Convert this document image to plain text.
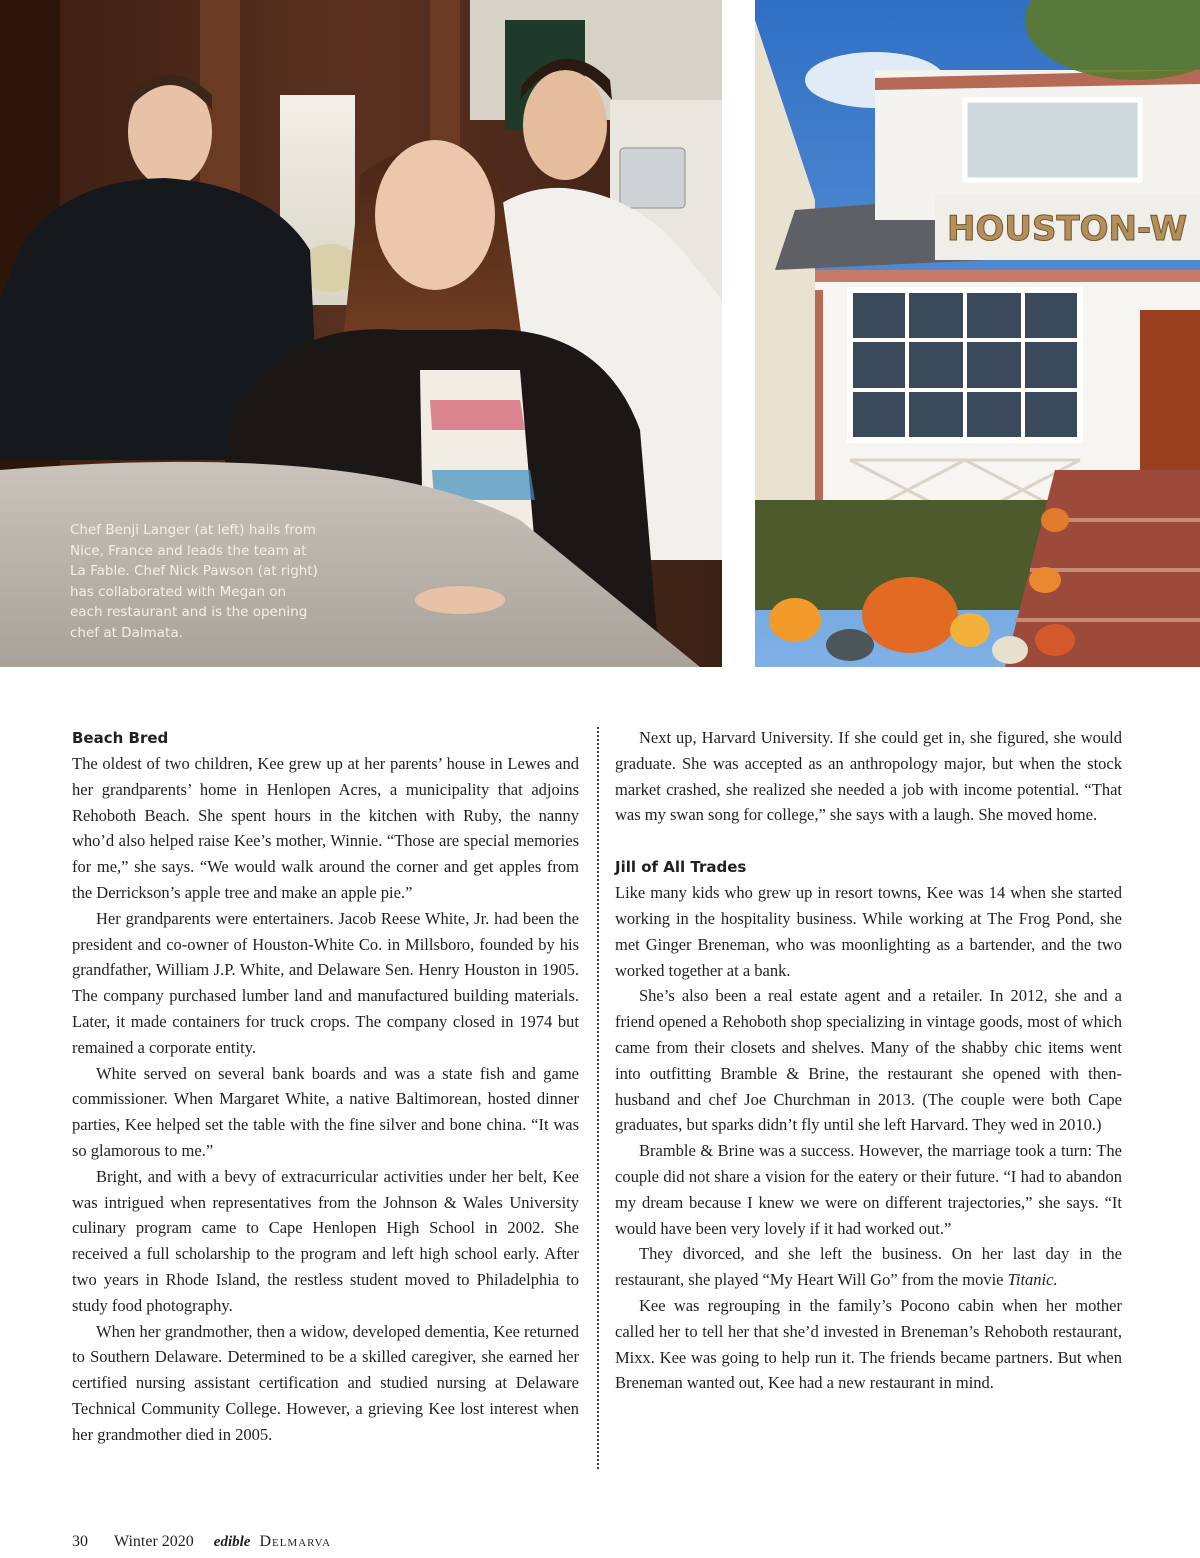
Chef Benji Langer (at left) hails from
Nice, France and leads the team at
La Fable. Chef Nick Pawson (at right)
has collaborated with Megan on
each restaurant and is the opening
chef at Dalmata.
HOUSTON-W
Beach Bred

The oldest of two children, Kee grew up at her parents’ house in Lewes and her grandparents’ home in Henlopen Acres, a municipality that adjoins Rehoboth Beach. She spent hours in the kitchen with Ruby, the nanny who’d also helped raise Kee’s mother, Winnie. “Those are special memories for me,” she says. “We would walk around the corner and get apples from the Derrickson’s apple tree and make an apple pie.”

Her grandparents were entertainers. Jacob Reese White, Jr. had been the president and co-owner of Houston-White Co. in Millsboro, founded by his grandfather, William J.P. White, and Delaware Sen. Henry Houston in 1905. The company purchased lumber land and manufactured building materials. Later, it made containers for truck crops. The company closed in 1974 but remained a corporate entity.

White served on several bank boards and was a state fish and game commissioner. When Margaret White, a native Baltimorean, hosted dinner parties, Kee helped set the table with the fine silver and bone china. “It was so glamorous to me.”

Bright, and with a bevy of extracurricular activities under her belt, Kee was intrigued when representatives from the Johnson & Wales University culinary program came to Cape Henlopen High School in 2002. She received a full scholarship to the program and left high school early. After two years in Rhode Island, the restless student moved to Philadelphia to study food photography.

When her grandmother, then a widow, developed dementia, Kee returned to Southern Delaware. Determined to be a skilled caregiver, she earned her certified nursing assistant certification and studied nursing at Delaware Technical Community College. However, a grieving Kee lost interest when her grandmother died in 2005.

Next up, Harvard University. If she could get in, she figured, she would graduate. She was accepted as an anthropology major, but when the stock market crashed, she realized she needed a job with income potential. “That was my swan song for college,” she says with a laugh. She moved home.

Jill of All Trades

Like many kids who grew up in resort towns, Kee was 14 when she started working in the hospitality business. While working at The Frog Pond, she met Ginger Breneman, who was moonlighting as a bartender, and the two worked together at a bank.

She’s also been a real estate agent and a retailer. In 2012, she and a friend opened a Rehoboth shop specializing in vintage goods, most of which came from their closets and shelves. Many of the shabby chic items went into outfitting Bramble & Brine, the restaurant she opened with then-husband and chef Joe Churchman in 2013. (The couple were both Cape graduates, but sparks didn’t fly until she left Harvard. They wed in 2010.)

Bramble & Brine was a success. However, the marriage took a turn: The couple did not share a vision for the eatery or their future. “I had to abandon my dream because I knew we were on different trajectories,” she says. “It would have been very lovely if it had worked out.”

They divorced, and she left the business. On her last day in the restaurant, she played “My Heart Will Go” from the movie Titanic.

Kee was regrouping in the family’s Pocono cabin when her mother called her to tell her that she’d invested in Breneman’s Rehoboth restaurant, Mixx. Kee was going to help run it. The friends became partners. But when Breneman wanted out, Kee had a new restaurant in mind.

30 Winter 2020 edible Delmarva
